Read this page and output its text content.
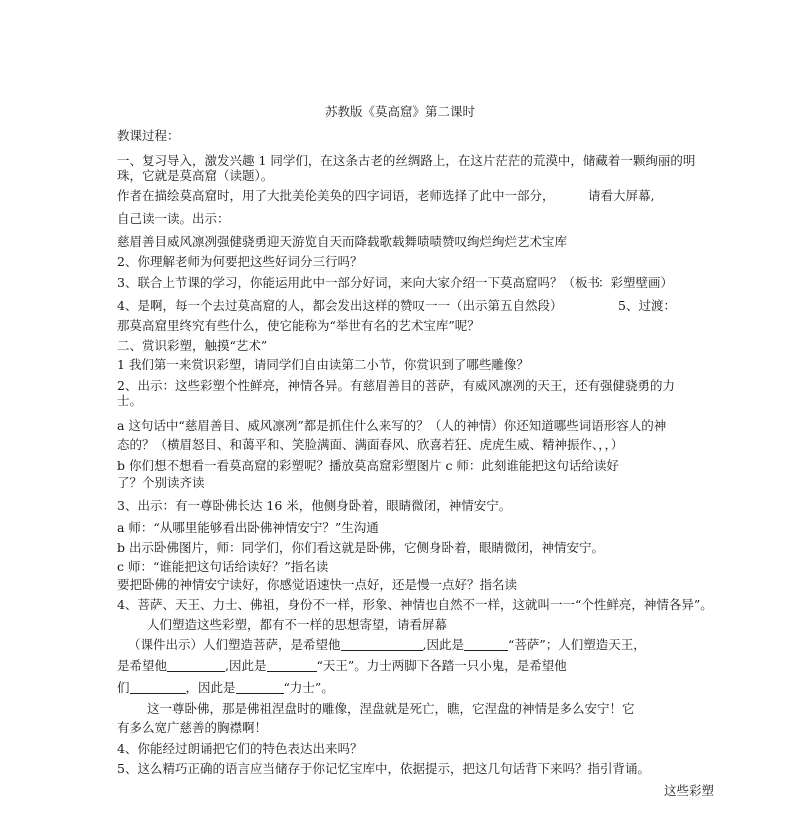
苏教版《莫高窟》第二课时
教课过程：
一、复习导入，激发兴趣 1 同学们，在这条古老的丝绸路上，在这片茫茫的荒漠中，储藏着一颗绚丽的明
珠，它就是莫高窟（读题）。
作者在描绘莫高窟时，用了大批美伦美奂的四字词语，老师选择了此中一部分，	请看大屏幕,
自己读一读。出示：
慈眉善目威风凛冽强健骁勇迎天游览自天而降载歌载舞啧啧赞叹绚烂绚烂艺术宝库
2、你理解老师为何要把这些好词分三行吗？
3、联合上节课的学习，你能运用此中一部分好词，来向大家介绍一下莫高窟吗？（板书
：彩塑壁画）
4、是啊，每一个去过莫高窟的人，都会发出这样的赞叹一一（出示第五自然段）	5、过渡：
那莫高窟里终究有些什么，使它能称为“举世有名的艺术宝库”呢？
二、赏识彩塑，触摸“艺术”
1 我们第一来赏识彩塑，请同学们自由读第二小节，你赏识到了哪些雕像？
2、出示：这些彩塑个性鲜亮，神情各异。有慈眉善目的菩萨，有威风凛冽的天王，还有强健骁勇的力
士。
a 这句话中“慈眉善目、威风凛冽”都是抓住什么来写的？（人的神情）你还知道哪些词语形容人的神
态的？（横眉怒目、和蔼平和、笑脸满面、满面春风、欣喜若狂、虎虎生威、精神振作、，，）
b 你们想不想看一看莫高窟的彩塑呢？播放莫高窟彩塑图片 c 师：此刻谁能把这句话给读好
了？个别读齐读
3、出示：有一尊卧佛长达 16 米，他侧身卧着，眼睛微闭，神情安宁。
a 师：“从哪里能够看出卧佛神情安宁？”生沟通
b 出示卧佛图片，师：同学们，你们看这就是卧佛，它侧身卧着，眼睛微闭，神情安宁。
c 师：“谁能把这句话给读好？”指名读
要把卧佛的神情安宁读好，你感觉语速快一点好，还是慢一点好？指名读
4、菩萨、天王、力士、佛祖，身份不一样，形象、神情也自然不一样，这就叫一一“个性鲜亮，神情各异”。
人们塑造这些彩塑，都有不一样的思想寄望，请看屏幕
（课件出示）人们塑造菩萨，是希望他	,因此是	“菩萨”；人们塑造天王，
是希望他	,因此是	“天王”。力士两脚下各踏一只小鬼，是希望他
们	，因此是	“力士”。
这一尊卧佛，那是佛祖涅盘时的雕像，涅盘就是死亡，瞧，它涅盘的神情是多么安宁！它
有多么宽广慈善的胸襟啊！
4、你能经过朗诵把它们的特色表达出来吗？
5、这么精巧正确的语言应当储存于你记忆宝库中，依据提示，把这几句话背下来吗？指引背诵。
这些彩塑
